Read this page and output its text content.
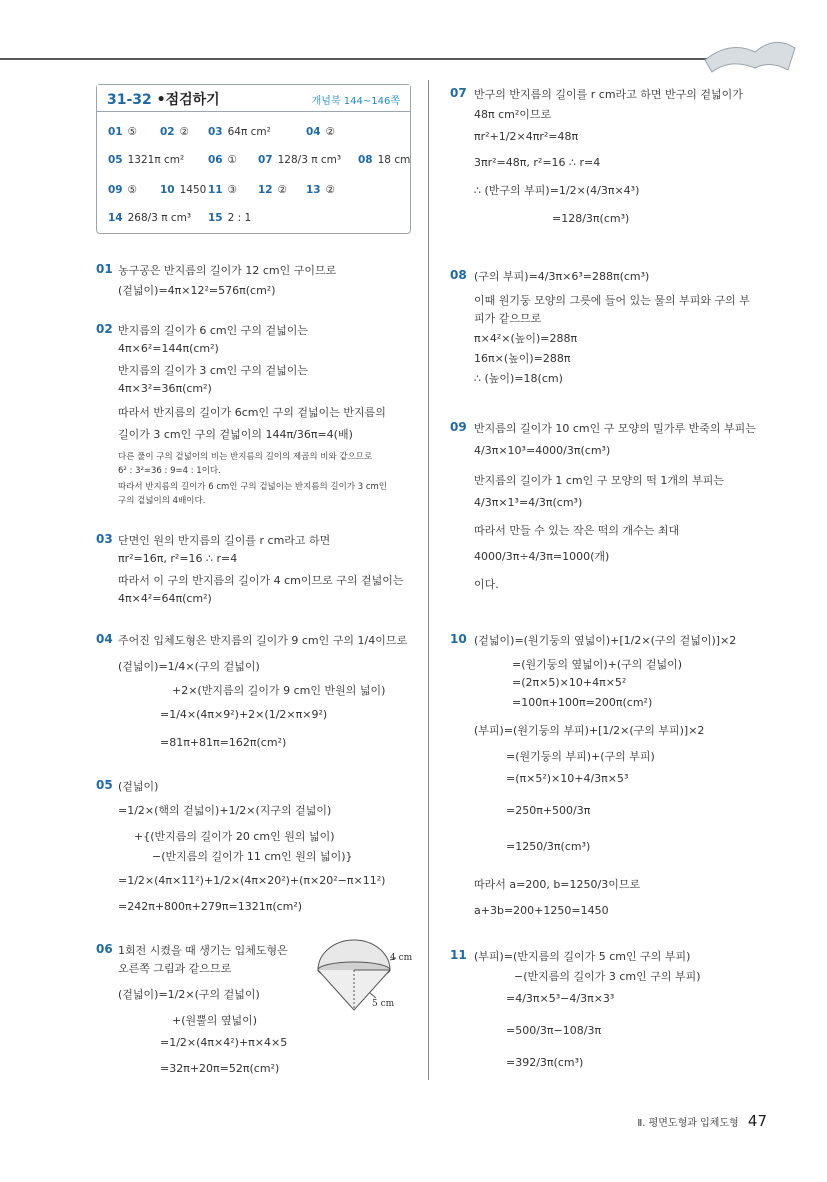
31-32 •점검하기	개념북 144~146쪽
01 ⑤ 02 ② 03 64π cm²	04 ②
05 1321π cm² 06 ① 07 128/3 π cm³ 08 18 cm
09 ⑤ 10 1450 11 ③ 12 ② 13 ②
14 268/3 π cm³ 15 2 : 1
01 농구공은 반지름의 길이가 12 cm인 구이므로
(겉넓이)=4π×12²=576π(cm²)
02 반지름의 길이가 6 cm인 구의 겉넓이는
4π×6²=144π(cm²)
반지름의 길이가 3 cm인 구의 겉넓이는
4π×3²=36π(cm²)
따라서 반지름의 길이가 6cm인 구의 겉넓이는 반지름의
길이가 3 cm인 구의 겉넓이의 144π/36π=4(배)
다른 풀이 구의 겉넓이의 비는 반지름의 길이의 제곱의 비와 같으므로
6² : 3²=36 : 9=4 : 1이다.
따라서 반지름의 길이가 6 cm인 구의 겉넓이는 반지름의 길이가 3 cm인
구의 겉넓이의 4배이다.
03 단면인 원의 반지름의 길이를 r cm라고 하면
πr²=16π, r²=16 ∴ r=4
따라서 이 구의 반지름의 길이가 4 cm이므로 구의 겉넓이는
4π×4²=64π(cm²)
04 주어진 입체도형은 반지름의 길이가 9 cm인 구의 1/4이므로
(겉넓이)=1/4×(구의 겉넓이)
+2×(반지름의 길이가 9 cm인 반원의 넓이)
=1/4×(4π×9²)+2×(1/2×π×9²)
=81π+81π=162π(cm²)
05 (겉넓이)
=1/2×(핵의 겉넓이)+1/2×(지구의 겉넓이)
+{(반지름의 길이가 20 cm인 원의 넓이)
−(반지름의 길이가 11 cm인 원의 넓이)}
=1/2×(4π×11²)+1/2×(4π×20²)+(π×20²−π×11²)
=242π+800π+279π=1321π(cm²)
06 1회전 시켰을 때 생기는 입체도형은
오른쪽 그림과 같으므로
(겉넓이)=1/2×(구의 겉넓이)
+(원뿔의 옆넓이)
=1/2×(4π×4²)+π×4×5
=32π+20π=52π(cm²)
4 cm
5 cm
07 반구의 반지름의 길이를 r cm라고 하면 반구의 겉넓이가
48π cm²이므로
πr²+1/2×4πr²=48π
3πr²=48π, r²=16 ∴ r=4
∴ (반구의 부피)=1/2×(4/3π×4³)
=128/3π(cm³)
08 (구의 부피)=4/3π×6³=288π(cm³)
이때 원기둥 모양의 그릇에 들어 있는 물의 부피와 구의 부
피가 같으므로
π×4²×(높이)=288π
16π×(높이)=288π
∴ (높이)=18(cm)
09 반지름의 길이가 10 cm인 구 모양의 밀가루 반죽의 부피는
4/3π×10³=4000/3π(cm³)
반지름의 길이가 1 cm인 구 모양의 떡 1개의 부피는
4/3π×1³=4/3π(cm³)
따라서 만들 수 있는 작은 떡의 개수는 최대
4000/3π÷4/3π=1000(개)
이다.
10 (겉넓이)=(원기둥의 옆넓이)+[1/2×(구의 겉넓이)]×2
=(원기둥의 옆넓이)+(구의 겉넓이)
=(2π×5)×10+4π×5²
=100π+100π=200π(cm²)
(부피)=(원기둥의 부피)+[1/2×(구의 부피)]×2
=(원기둥의 부피)+(구의 부피)
=(π×5²)×10+4/3π×5³
=250π+500/3π
=1250/3π(cm³)
따라서 a=200, b=1250/3이므로
a+3b=200+1250=1450
11 (부피)=(반지름의 길이가 5 cm인 구의 부피)
−(반지름의 길이가 3 cm인 구의 부피)
=4/3π×5³−4/3π×3³
=500/3π−108/3π
=392/3π(cm³)
Ⅱ. 평면도형과 입체도형 47
